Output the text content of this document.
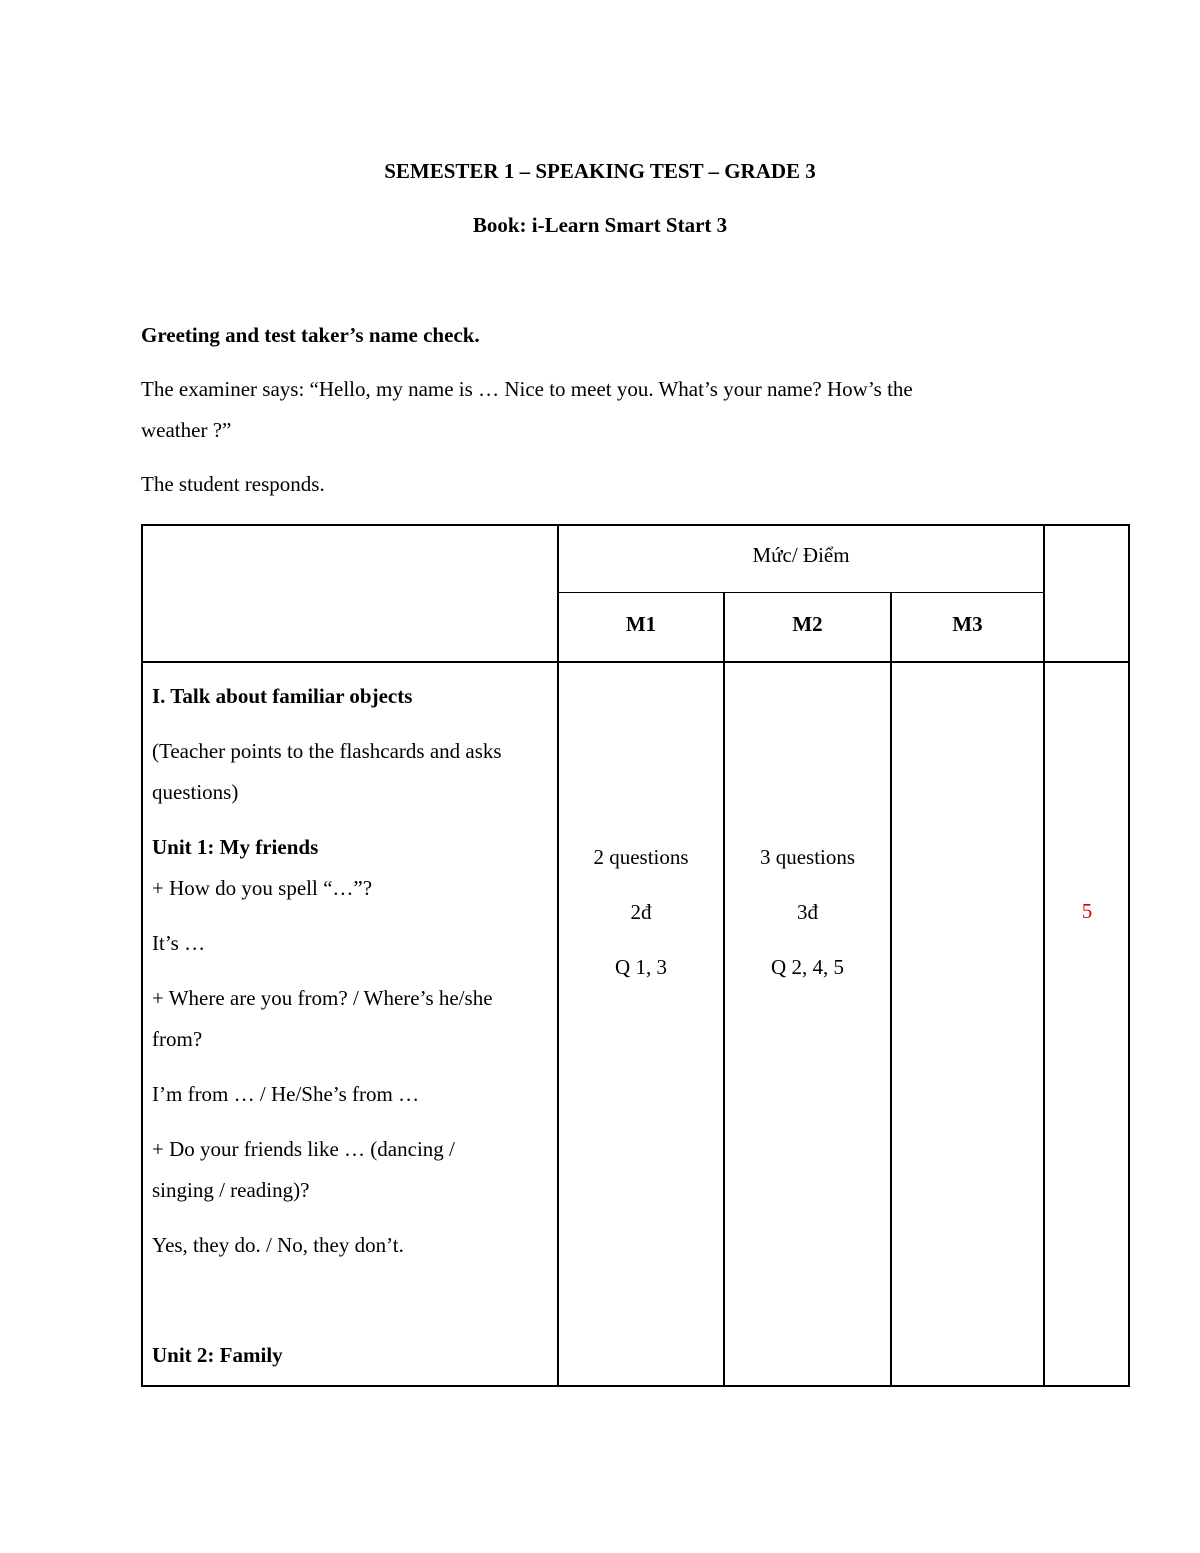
SEMESTER 1 – SPEAKING TEST – GRADE 3
Book: i-Learn Smart Start 3
Greeting and test taker’s name check.
The examiner says: “Hello, my name is … Nice to meet you. What’s your name? How’s the
weather ?”
The student responds.
Mức/ Điểm
M1	M2	M3
I. Talk about familiar objects
(Teacher points to the flashcards and asks
questions)
Unit 1: My friends
+ How do you spell “…”?
It’s …
+ Where are you from? / Where’s he/she
from?
I’m from … / He/She’s from …
+ Do your friends like … (dancing /
singing / reading)?
Yes, they do. / No, they don’t.
Unit 2: Family
2 questions
2đ
Q 1, 3
3 questions
3đ
Q 2, 4, 5
5
